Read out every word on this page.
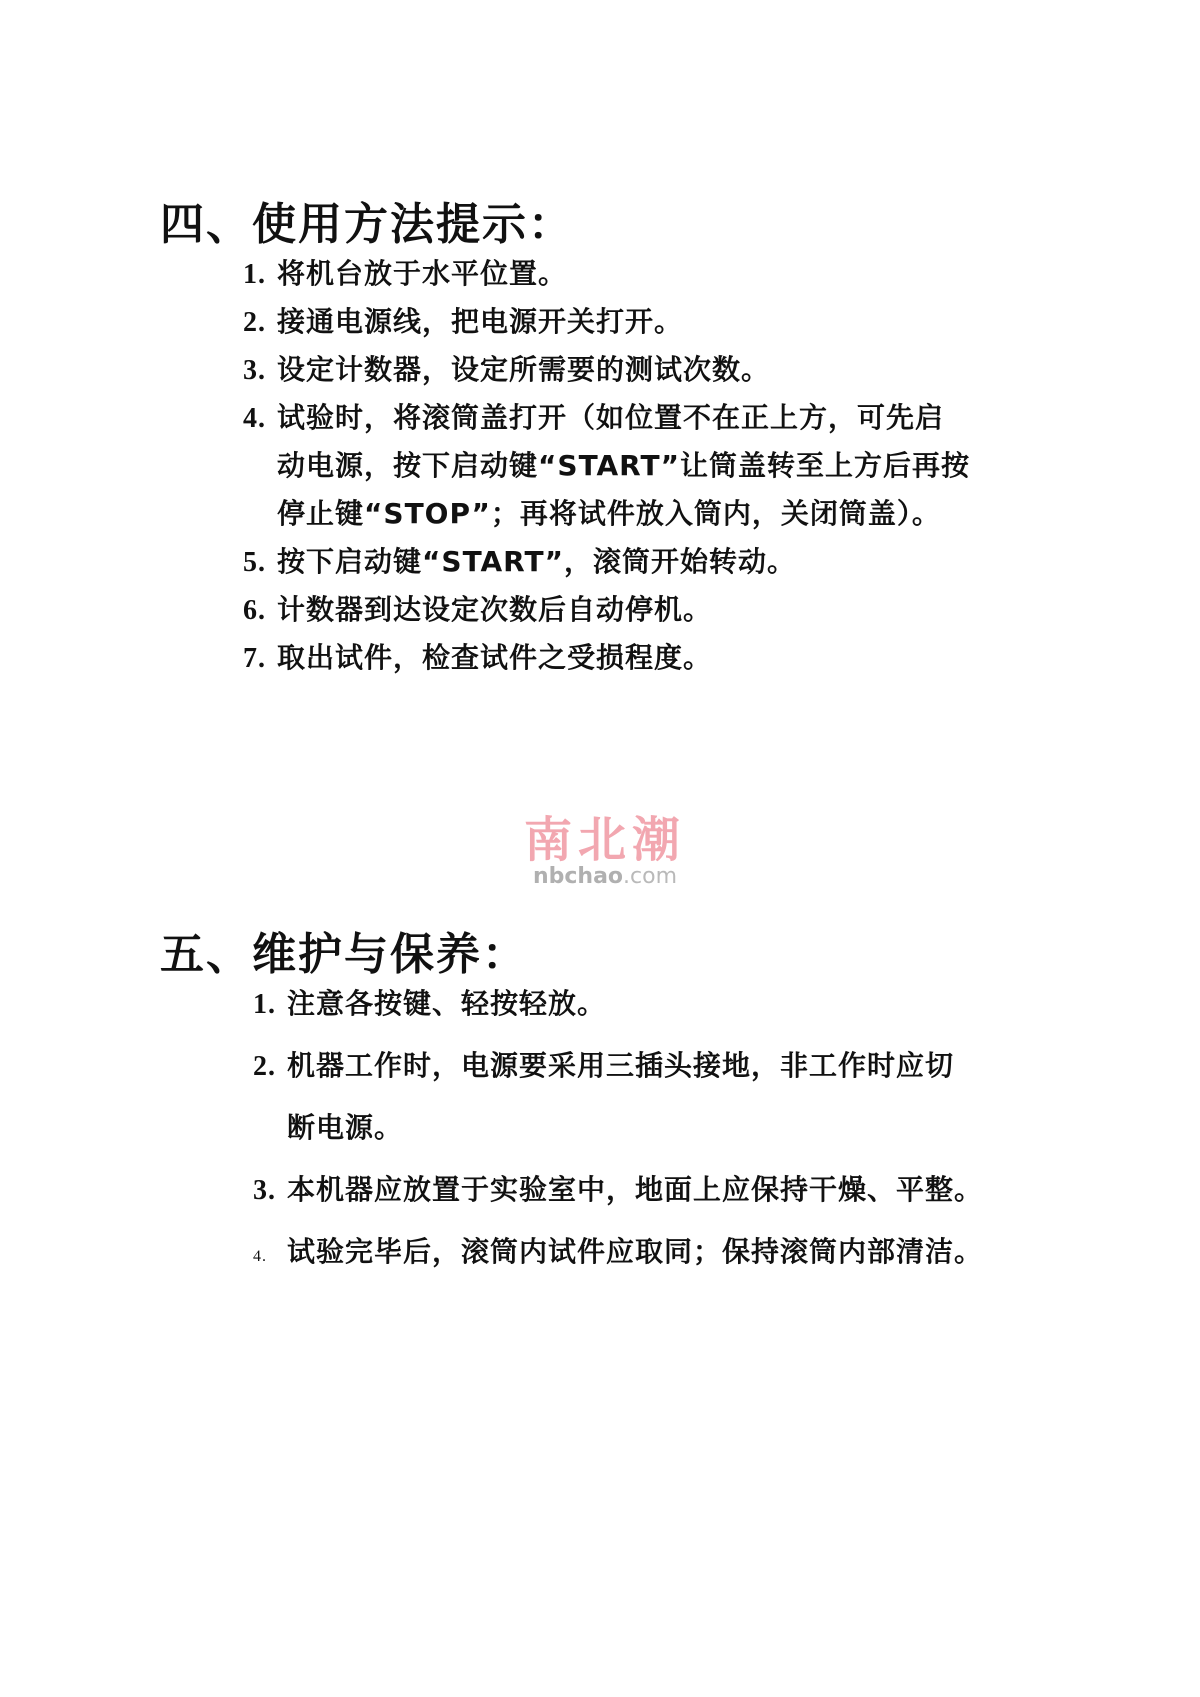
四、使用方法提示：
1. 将机台放于水平位置。
2. 接通电源线，把电源开关打开。
3. 设定计数器，设定所需要的测试次数。
4. 试验时，将滚筒盖打开（如位置不在正上方，可先启
动电源，按下启动键“START”让筒盖转至上方后再按
停止键“STOP”；再将试件放入筒内，关闭筒盖）。
5. 按下启动键“START”，滚筒开始转动。
6. 计数器到达设定次数后自动停机。
7. 取出试件，检查试件之受损程度。
南北潮
nbchao.com
五、维护与保养：
1. 注意各按键、轻按轻放。
2. 机器工作时，电源要采用三插头接地，非工作时应切
断电源。
3. 本机器应放置于实验室中，地面上应保持干燥、平整。
4. 试验完毕后，滚筒内试件应取同；保持滚筒内部清洁。
